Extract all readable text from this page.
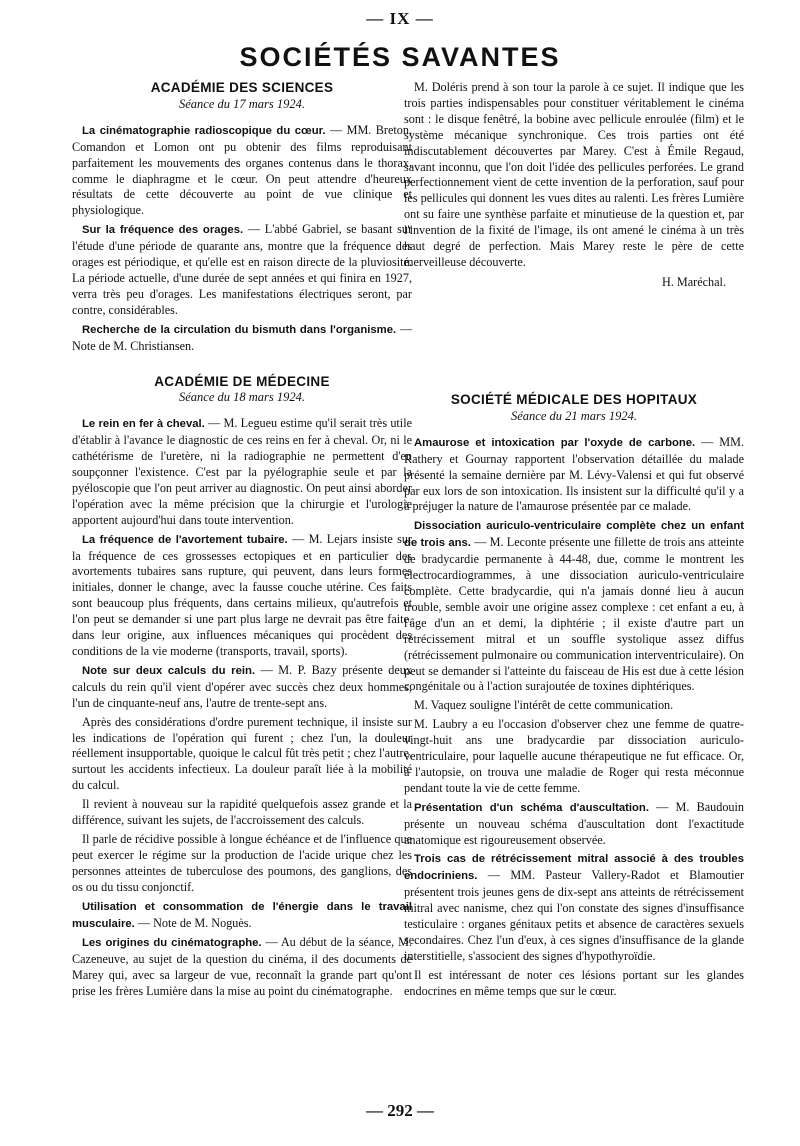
— IX —
SOCIÉTÉS SAVANTES
ACADÉMIE DES SCIENCES
Séance du 17 mars 1924.

La cinématographie radioscopique du cœur. — MM. Breton, Comandon et Lomon ont pu obtenir des films reproduisant parfaitement les mouvements des organes contenus dans le thorax, comme le diaphragme et le cœur. On peut attendre d'heureux résultats de cette découverte au point de vue clinique et physiologique.

Sur la fréquence des orages. — L'abbé Gabriel, se basant sur l'étude d'une période de quarante ans, montre que la fréquence des orages est périodique, et qu'elle est en raison directe de la pluviosité. La période actuelle, d'une durée de sept années et qui finira en 1927, verra très peu d'orages. Les manifestations électriques seront, par contre, considérables.

Recherche de la circulation du bismuth dans l'organisme. — Note de M. Christiansen.

ACADÉMIE DE MÉDECINE
Séance du 18 mars 1924.

Le rein en fer à cheval. — M. Legueu estime qu'il serait très utile d'établir à l'avance le diagnostic de ces reins en fer à cheval. Or, ni le cathétérisme de l'uretère, ni la radiographie ne permettent d'en soupçonner l'existence. C'est par la pyélographie seule et par la pyéloscopie que l'on peut arriver au diagnostic. On peut ainsi aborder l'opération avec la même précision que la chirurgie et l'urologie apportent aujourd'hui dans toute intervention.

La fréquence de l'avortement tubaire. — M. Lejars insiste sur la fréquence de ces grossesses ectopiques et en particulier des avortements tubaires sans rupture, qui peuvent, dans leurs formes initiales, donner le change, avec la fausse couche utérine. Ces faits sont beaucoup plus fréquents, dans certains milieux, qu'autrefois et l'on peut se demander si une part plus large ne devrait pas être faite, dans leur origine, aux influences mécaniques qui procèdent des conditions de la vie moderne (transports, travail, sports).

Note sur deux calculs du rein. — M. P. Bazy présente deux calculs du rein qu'il vient d'opérer avec succès chez deux hommes, l'un de cinquante-neuf ans, l'autre de trente-sept ans.

Après des considérations d'ordre purement technique, il insiste sur les indications de l'opération qui furent ; chez l'un, la douleur réellement insupportable, quoique le calcul fût très petit ; chez l'autre, surtout les accidents infectieux. La douleur paraît liée à la mobilité du calcul.

Il revient à nouveau sur la rapidité quelquefois assez grande et la différence, suivant les sujets, de l'accroissement des calculs.

Il parle de récidive possible à longue échéance et de l'influence que peut exercer le régime sur la production de l'acide urique chez les personnes atteintes de tuberculose des poumons, des ganglions, des os ou du tissu conjonctif.

Utilisation et consommation de l'énergie dans le travail musculaire. — Note de M. Noguès.

Les origines du cinématographe. — Au début de la séance, M. Cazeneuve, au sujet de la question du cinéma, il des documents de Marey qui, avec sa largeur de vue, reconnaît la grande part qu'ont prise les frères Lumière dans la mise au point du cinématographe.

M. Doléris prend à son tour la parole à ce sujet. Il indique que les trois parties indispensables pour constituer véritablement le cinéma sont : le disque fenêtré, la bobine avec pellicule enroulée (film) et le système mécanique synchronique. Ces trois parties ont été indiscutablement découvertes par Marey. C'est à Émile Regaud, savant inconnu, que l'on doit l'idée des pellicules perforées. Le grand perfectionnement vient de cette invention de la perforation, sauf pour les pellicules qui donnent les vues dites au ralenti. Les frères Lumière ont su faire une synthèse parfaite et minutieuse de la question et, par l'invention de la fixité de l'image, ils ont amené le cinéma à un très haut degré de perfection. Mais Marey reste le père de cette merveilleuse découverte.

H. Maréchal.
SOCIÉTÉ MÉDICALE DES HOPITAUX
Séance du 21 mars 1924.

Amaurose et intoxication par l'oxyde de carbone. — MM. Rathery et Gournay rapportent l'observation détaillée du malade présenté la semaine dernière par M. Lévy-Valensi et qui fut observé par eux lors de son intoxication. Ils insistent sur la difficulté qu'il y a à préjuger la nature de l'amaurose présentée par ce malade.

Dissociation auriculo-ventriculaire complète chez un enfant de trois ans. — M. Leconte présente une fillette de trois ans atteinte de bradycardie permanente à 44-48, due, comme le montrent les électrocardiogrammes, à une dissociation auriculo-ventriculaire complète. Cette bradycardie, qui n'a jamais donné lieu à aucun trouble, semble avoir une origine assez complexe : cet enfant a eu, à l'âge d'un an et demi, la diphtérie ; il existe d'autre part un rétrécissement mitral et un souffle systolique assez diffus (rétrécissement pulmonaire ou communication interventriculaire). On peut se demander si l'atteinte du faisceau de His est due à cette lésion congénitale ou à l'action surajoutée de toxines diphtériques.

M. Vaquez souligne l'intérêt de cette communication.

M. Laubry a eu l'occasion d'observer chez une femme de quatre-vingt-huit ans une bradycardie par dissociation auriculo-ventriculaire, pour laquelle aucune thérapeutique ne fut efficace. Or, à l'autopsie, on trouva une maladie de Roger qui resta méconnue pendant toute la vie de cette femme.

Présentation d'un schéma d'auscultation. — M. Baudouin présente un nouveau schéma d'auscultation dont l'exactitude anatomique est rigoureusement observée.

Trois cas de rétrécissement mitral associé à des troubles endocriniens. — MM. Pasteur Vallery-Radot et Blamoutier présentent trois jeunes gens de dix-sept ans atteints de rétrécissement mitral avec nanisme, chez qui l'on constate des signes d'insuffisance testiculaire : organes génitaux petits et absence de caractères sexuels secondaires. Chez l'un d'eux, à ces signes d'insuffisance de la glande interstitielle, s'associent des signes d'hypothyroïdie.

Il est intéressant de noter ces lésions portant sur les glandes endocrines en même temps que sur le cœur.

— 292 —
